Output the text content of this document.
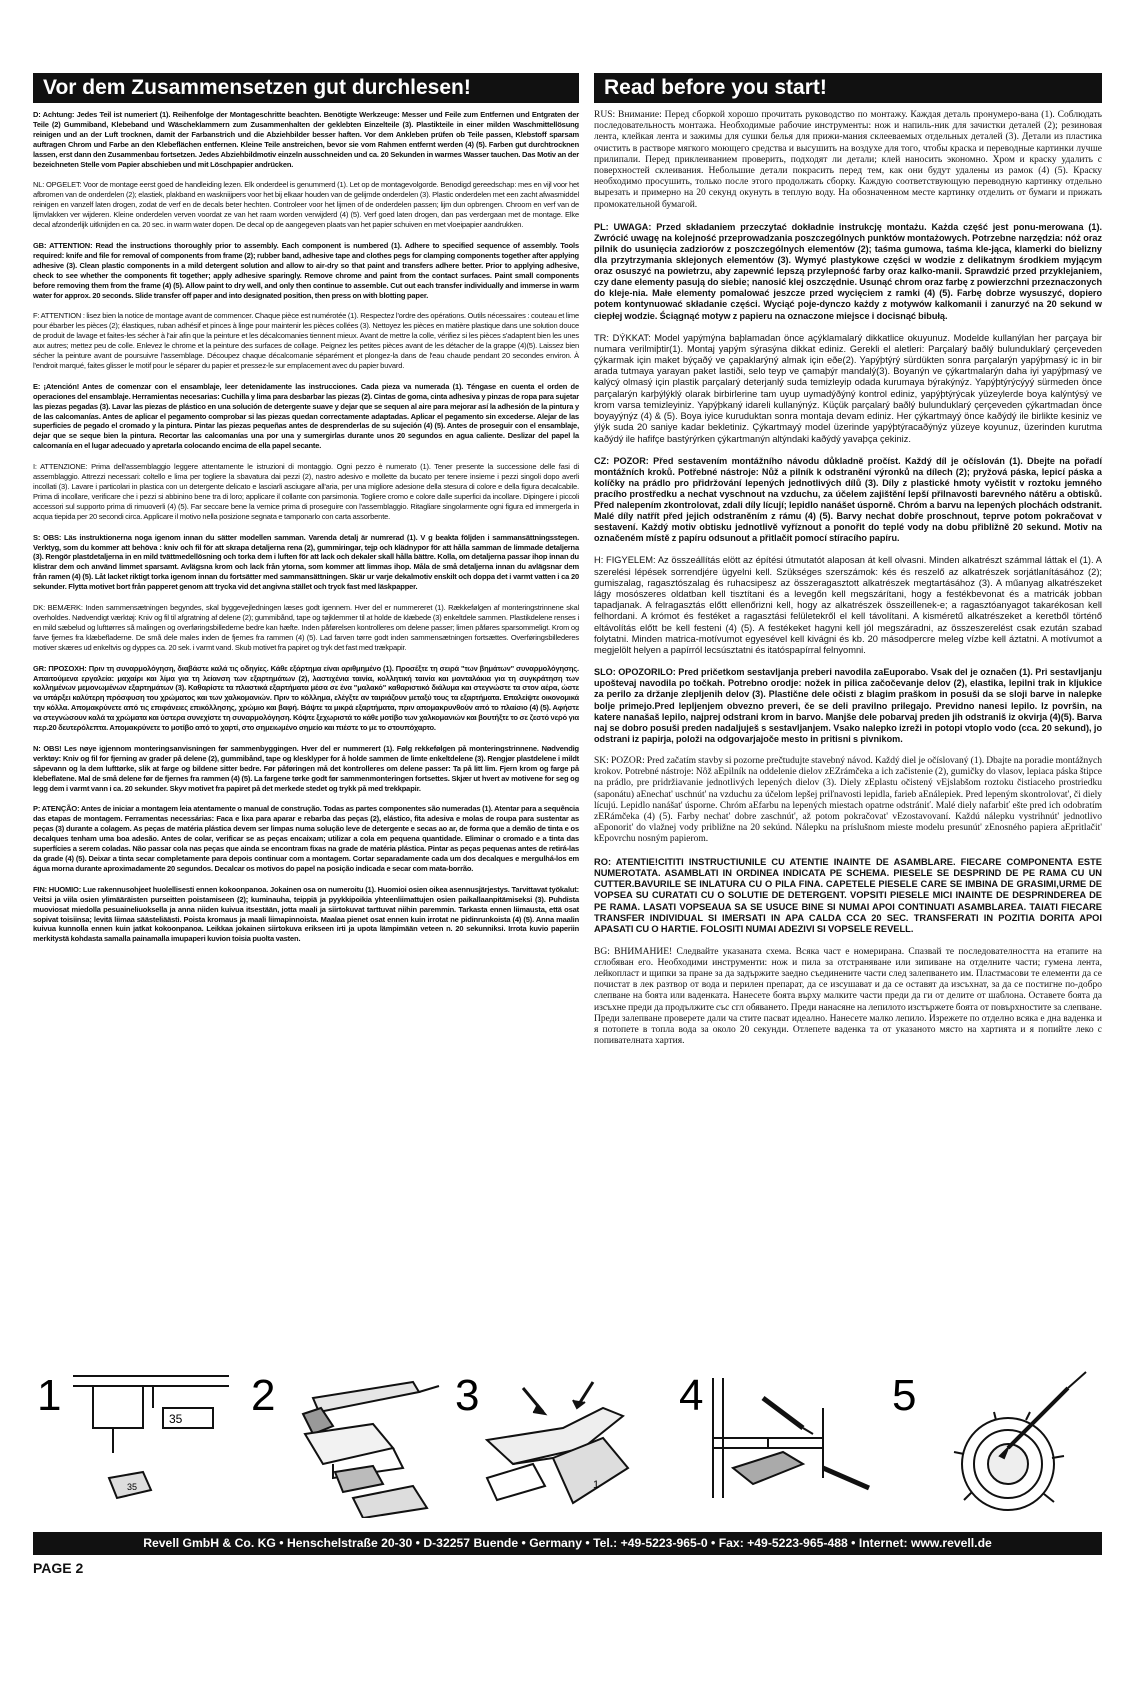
Vor dem Zusammensetzen gut durchlesen!	Read before you start!

D: Achtung: Jedes Teil ist numeriert (1). Reihenfolge der Montageschritte beachten. Benötigte Werkzeuge: Messer und Feile zum Entfernen und Entgraten der Teile (2) Gummiband, Klebeband und Wäscheklammern zum Zusammenhalten der geklebten Einzelteile (3). Plastikteile in einer milden Waschmittellösung reinigen und an der Luft trocknen, damit der Farbanstrich und die Abziehbilder besser haften. Vor dem Ankleben prüfen ob Teile passen, Klebstoff sparsam auftragen Chrom und Farbe an den Klebeflächen entfernen. Kleine Teile anstreichen, bevor sie vom Rahmen entfernt werden (4) (5). Farben gut durchtrocknen lassen, erst dann den Zusammenbau fortsetzen. Jedes Abziehbildmotiv einzeln ausschneiden und ca. 20 Sekunden in warmes Wasser tauchen. Das Motiv an der bezeichneten Stelle vom Papier abschieben und mit Löschpapier andrücken.

NL: OPGELET: Voor de montage eerst goed de handleiding lezen. Elk onderdeel is genummerd (1). Let op de montagevolgorde. Benodigd gereedschap: mes en vijl voor het afbromen van de onderdelen (2); elastiek, plakband en waskniijpers voor het bij elkaar houden van de gelijmde onderdelen (3). Plastic onderdelen met een zacht afwasmiddel reinigen en vanzelf laten drogen, zodat de verf en de decals beter hechten. Controleer voor het lijmen of de onderdelen passen; lijm dun opbrengen. Chroom en verf van de lijmvlakken ver wijderen. Kleine onderdelen verven voordat ze van het raam worden verwijderd (4) (5). Verf goed laten drogen, dan pas verdergaan met de montage. Elke decal afzonderlijk uitknijden en ca. 20 sec. in warm water dopen. De decal op de aangegeven plaats van het papier schuiven en met vloeipapier aandrukken.

GB: ATTENTION: Read the instructions thoroughly prior to assembly. Each component is numbered (1). Adhere to specified sequence of assembly. Tools required: knife and file for removal of components from frame (2); rubber band, adhesive tape and clothes pegs for clamping components together after applying adhesive (3). Clean plastic components in a mild detergent solution and allow to air-dry so that paint and transfers adhere better. Prior to applying adhesive, check to see whether the components fit together; apply adhesive sparingly. Remove chrome and paint from the contact surfaces. Paint small components before removing them from the frame (4) (5). Allow paint to dry well, and only then continue to assemble. Cut out each transfer individually and immerse in warm water for approx. 20 seconds. Slide transfer off paper and into designated position, then press on with blotting paper.

F: ATTENTION : lisez bien la notice de montage avant de commencer. Chaque pièce est numérotée (1). Respectez l'ordre des opérations. Outils nécessaires : couteau et lime pour ébarber les pièces (2); élastiques, ruban adhésif et pinces à linge pour maintenir les pièces collées (3). Nettoyez les pièces en matière plastique dans une solution douce de produit de lavage et faites-les sécher à l'air afin que la peinture et les décalcomanies tiennent mieux. Avant de mettre la colle, vérifiez si les pièces s'adaptent bien les unes aux autres; mettez peu de colle. Enlevez le chrome et la peinture des surfaces de collage. Peignez les petites pièces avant de les détacher de la grappe (4)(5). Laissez bien sécher la peinture avant de poursuivre l'assemblage. Découpez chaque décalcomanie séparément et plongez-la dans de l'eau chaude pendant 20 secondes environ. À l'endroit marqué, faites glisser le motif pour le séparer du papier et pressez-le sur emplacement avec du papier buvard.

E: ¡Atención! Antes de comenzar con el ensamblaje, leer detenidamente las instrucciones. Cada pieza va numerada (1). Téngase en cuenta el orden de operaciones del ensamblaje. Herramientas necesarias: Cuchilla y lima para desbarbar las piezas (2). Cintas de goma, cinta adhesiva y pinzas de ropa para sujetar las piezas pegadas (3). Lavar las piezas de plástico en una solución de detergente suave y dejar que se sequen al aire para mejorar así la adhesión de la pintura y de las calcomanías. Antes de aplicar el pegamento comprobar si las piezas quedan correctamente adaptadas. Aplicar el pegamento sin excederse. Alejar de las superficies de pegado el cromado y la pintura. Pintar las piezas pequeñas antes de desprenderlas de su sujeción (4) (5). Antes de proseguir con el ensamblaje, dejar que se seque bien la pintura. Recortar las calcomanías una por una y sumergirlas durante unos 20 segundos en agua caliente. Deslizar del papel la calcomanía en el lugar adecuado y apretarla colocando encima de ella papel secante.

I: ATTENZIONE: Prima dell'assemblaggio leggere attentamente le istruzioni di montaggio. Ogni pezzo è numerato (1). Tener presente la successione delle fasi di assemblaggio. Attrezzi necessari: coltello e lima per togliere la sbavatura dai pezzi (2), nastro adesivo e mollette da bucato per tenere insieme i pezzi singoli dopo averli incollati (3). Lavare i particolari in plastica con un detergente delicato e lasciarli asciugare all'aria, per una migliore adesione della stesura di colore e della figura decalcabile. Prima di incollare, verificare che i pezzi si abbinino bene tra di loro; applicare il collante con parsimonia. Togliere cromo e colore dalle superfici da incollare. Dipingere i piccoli accessori sul supporto prima di rimuoverli (4) (5). Far seccare bene la vernice prima di proseguire con l'assemblaggio. Ritagliare singolarmente ogni figura ed immergerla in acqua tiepida per 20 secondi circa. Applicare il motivo nella posizione segnata e tamponarlo con carta assorbente.

S: OBS: Läs instruktionerna noga igenom innan du sätter modellen samman. Varenda detalj är numrerad (1). V g beakta följden i sammansättningsstegen. Verktyg, som du kommer att behöva : kniv och fil för att skrapa detaljerna rena (2), gummiringar, tejp och klädnypor för att hålla samman de limmade detaljerna (3). Rengör plastdetaljerna in en mild tvättmedellösning och torka dem i luften för att lack och dekaler skall hålla bättre. Kolla, om detaljerna passar ihop innan du klistrar dem och använd limmet sparsamt. Avlägsna krom och lack från ytorna, som kommer att limmas ihop. Måla de små detaljerna innan du avlägsnar dem från ramen (4) (5). Låt lacket riktigt torka igenom innan du fortsätter med sammansättningen. Skär ur varje dekalmotiv enskilt och doppa det i varmt vatten i ca 20 sekunder. Flytta motivet bort från papperet genom att trycka vid det angivna stället och tryck fast med läskpapper.

DK: BEMÆRK: Inden sammensætningen begyndes, skal byggevejledningen læses godt igennem. Hver del er nummereret (1). Rækkefølgen af monteringstrinnene skal overholdes. Nødvendigt værktøj: Kniv og fil til afgratning af delene (2); gummibånd, tape og tøjklemmer til at holde de klæbede (3) enkeltdele sammen. Plastikdelene renses i en mild sæbelud og lufttørres så malingen og overføringsbillederne bedre kan hæfte. Inden påførelsen kontrolleres om delene passer; limen påføres sparsommeligt. Krom og farve fjernes fra klæbefladerne. De små dele males inden de fjernes fra rammen (4) (5). Lad farven tørre godt inden sammensætningen fortsættes. Overføringsbillederes motiver skæres ud enkeltvis og dyppes ca. 20 sek. i varmt vand. Skub motivet fra papiret og tryk det fast med trækpapir.

GR: ΠΡΟΣΟΧΗ: Πριν τη συναρμολόγηση, διαβάστε καλά τις οδηγίες. Κάθε εξάρτημα είναι αριθμημένο (1). Προσέξτε τη σειρά "των βημάτων" συναρμολόγησης. Απαιτούμενα εργαλεία: μαχαίρι και λίμα για τη λείανση των εξαρτημάτων (2), λαστιχένια ταινία, κολλητική ταινία και μανταλάκια για τη συγκράτηση των κολλημένων μεμονωμένων εξαρτημάτων (3). Καθαρίστε τα πλαστικά εξαρτήματα μέσα σε ένα "μαλακό" καθαριστικό διάλυμα και στεγνώστε τα στον αέρα, ώστε να υπάρξει καλύτερη πρόσφυση του χρώματος και των χαλκομανιών. Πριν το κόλλημα, ελέγξτε αν ταιριάζουν μεταξύ τους τα εξαρτήματα. Επαλείψτε οικονομικά την κόλλα. Απομακρύνετε από τις επιφάνειες επικόλλησης, χρώμιο και βαφή. Βάψτε τα μικρά εξαρτήματα, πριν απομακρυνθούν από το πλαίσιο (4) (5). Αφήστε να στεγνώσουν καλά τα χρώματα και ύστερα συνεχίστε τη συναρμολόγηση. Κόψτε ξεχωριστά το κάθε μοτίβο των χαλκομανιών και βουτήξτε το σε ζεστό νερό για περ.20 δευτερόλεπτα. Απομακρύνετε το μοτίβο από το χαρτί, στο σημειωμένο σημείο και πιέστε το με το στουπόχαρτο.

N: OBS! Les nøye igjennom monteringsanvisningen før sammenbyggingen. Hver del er nummerert (1). Følg rekkefølgen på monteringstrinnene. Nødvendig verktøy: Kniv og fil for fjerning av grader på delene (2), gummibånd, tape og klesklyper for å holde sammen de limte enkeltdelene (3). Rengjør plastdelene i mildt såpevann og la dem lufttørke, slik at farge og bildene sitter bedre. Før påføringen må det kontrolleres om delene passer: Ta på litt lim. Fjern krom og farge på klebeflatene. Mal de små delene før de fjernes fra rammen (4) (5). La fargene tørke godt før sammenmonteringen fortsettes. Skjær ut hvert av motivene for seg og legg dem i varmt vann i ca. 20 sekunder. Skyv motivet fra papiret på det merkede stedet og trykk på med trekkpapir.

P: ATENÇÃO: Antes de iniciar a montagem leia atentamente o manual de construção. Todas as partes componentes são numeradas (1). Atentar para a sequência das etapas de montagem. Ferramentas necessárias: Faca e lixa para aparar e rebarba das peças (2), elástico, fita adesiva e molas de roupa para sustentar as peças (3) durante a colagem. As peças de matéria plástica devem ser limpas numa solução leve de detergente e secas ao ar, de forma que a demão de tinta e os decalques tenham uma boa adesão. Antes de colar, verificar se as peças encaixam; utilizar a cola em pequena quantidade. Eliminar o cromado e a tinta das superfícies a serem coladas. Não passar cola nas peças que ainda se encontram fixas na grade de matéria plástica. Pintar as peças pequenas antes de retirá-las da grade (4) (5). Deixar a tinta secar completamente para depois continuar com a montagem. Cortar separadamente cada um dos decalques e mergulhá-los em água morna durante aproximadamente 20 segundos. Decalcar os motivos do papel na posição indicada e secar com mata-borrão.

FIN: HUOMIO: Lue rakennusohjeet huolellisesti ennen kokoonpanoa. Jokainen osa on numeroitu (1). Huomioi osien oikea asennusjärjestys. Tarvittavat työkalut: Veitsi ja viila osien ylimääräisten purseitten poistamiseen (2); kuminauha, teippiä ja pyykkipoikia yhteenliimattujen osien paikallaanpitämiseksi (3). Puhdista muoviosat miedolla pesuaineliuoksella ja anna niiden kuivua itsestään, jotta maali ja siirtokuvat tarttuvat niihin paremmin. Tarkasta ennen liimausta, että osat sopivat toisiinsa; levitä liimaa säästeliäästi. Poista kromaus ja maali liimapinnoista. Maalaa pienet osat ennen kuin irrotat ne pidinrunkoista (4) (5). Anna maalin kuivua kunnolla ennen kuin jatkat kokoonpanoa. Leikkaa jokainen siirtokuva erikseen irti ja upota lämpimään veteen n. 20 sekunniksi. Irrota kuvio paperiin merkitystä kohdasta samalla painamalla imupaperi kuvion toisia puolta vasten.

RUS: Внимание: Перед сборкой хорошо прочитать руководство по монтажу. Каждая деталь пронумеро-вана (1). Соблюдать последовательность монтажа. Необходимые рабочие инструменты: нож и напиль-ник для зачистки деталей (2); резиновая лента, клейкая лента и зажимы для сушки белья для прижи-мания склееваемых отдельных деталей (3). Детали из пластика очистить в растворе мягкого моющего средства и высушить на воздухе для того, чтобы краска и переводные картинки лучше прилипали. Перед приклеиванием проверить, подходят ли детали; клей наносить экономно. Хром и краску удалить с поверхностей склеивания. Небольшие детали покрасить перед тем, как они будут удалены из рамок (4) (5). Краску необходимо просушить, только после этого продолжать сборку. Каждую соответствующую переводную картинку отдельно вырезать и примерно на 20 секунд окунуть в теплую воду. На обозначенном месте картинку отделить от бумаги и прижать промокательной бумагой.

PL: UWAGA: Przed składaniem przeczytać dokładnie instrukcję montażu. Każda część jest ponu-merowana (1). Zwrócić uwagę na kolejność przeprowadzania poszczególnych punktów montażowych. Potrzebne narzędzia: nóż oraz pilnik do usunięcia zadziorów z poszczególnych elementów (2); taśma gumowa, taśma kle-jąca, klamerki do bielizny dla przytrzymania sklejonych elementów (3). Wymyć plastykowe części w wodzie z delikatnym środkiem myjącym oraz osuszyć na powietrzu, aby zapewnić lepszą przylepność farby oraz kalko-manii. Sprawdzić przed przyklejaniem, czy dane elementy pasują do siebie; nanosić klej oszczędnie. Usunąć chrom oraz farbę z powierzchni przeznaczonych do kleje-nia. Małe elementy pomalować jeszcze przed wycięciem z ramki (4) (5). Farbę dobrze wysuszyć, dopiero potem kontynuować składanie części. Wyciąć poje-dynczo każdy z motywów kalkomanii i zanurzyć na 20 sekund w ciepłej wodzie. Ściągnąć motyw z papieru na oznaczone miejsce i docisnąć bibułą.

TR: DÝKKAT: Model yapýmýna baþlamadan önce açýklamalarý dikkatlice okuyunuz. Modelde kullanýlan her parçaya bir numara verilmiþtir(1). Montaj yapým sýrasýna dikkat ediniz. Gerekli el aletleri: Parçalarý baðlý bulunduklarý çerçeveden çýkarmak için maket býçaðý ve çapaklarýný almak için eðe(2). Yapýþtýrý sürdükten sonra parçalarýn yapýþmasý ic in bir arada tutmaya yarayan paket lastiði, selo teyp ve çamaþýr mandalý(3). Boyanýn ve çýkartmalarýn daha iyi yapýþmasý ve kalýcý olmasý için plastik parçalarý deterjanlý suda temizleyip odada kurumaya býrakýnýz. Yapýþtýrýcýyý sürmeden önce parçalarýn karþýlýklý olarak birbirlerine tam uyup uymadýðýný kontrol ediniz, yapýþtýrýcak yüzeylerde boya kalýntýsý ve krom varsa temizleyiniz. Yapýþkaný idareli kullanýnýz. Küçük parçalarý baðlý bulunduklarý çerçeveden çýkartmadan önce boyayýnýz (4) & (5). Boya iyice kuruduktan sonra montaja devam ediniz. Her çýkartmayý önce kaðýdý ile birlikte kesiniz ve ýlýk suda 20 saniye kadar bekletiniz. Çýkartmayý model üzerinde yapýþtýracaðýnýz yüzeye koyunuz, üzerinden kurutma kaðýdý ile hafifçe bastýrýrken çýkartmanýn altýndaki kaðýdý yavaþça çekiniz.

CZ: POZOR: Před sestavením montážního návodu důkladně pročíst. Každý díl je očíslován (1). Dbejte na pořadí montážních kroků. Potřebné nástroje: Nůž a pilník k odstranění výronků na dílech (2); pryžová páska, lepicí páska a kolíčky na prádlo pro přidržování lepených jednotlivých dílů (3). Díly z plastické hmoty vyčistit v roztoku jemného pracího prostředku a nechat vyschnout na vzduchu, za účelem zajištění lepší přilnavosti barevného nátěru a obtisků. Před nalepením zkontrolovat, zdali díly lícují; lepidlo nanášet úsporně. Chróm a barvu na lepených plochách odstranit. Malé díly natřít před jejich odstraněním z rámu (4) (5). Barvy nechat dobře proschnout, teprve potom pokračovat v sestavení. Každý motiv obtisku jednotlivě vyříznout a ponořit do teplé vody na dobu přibližně 20 sekund. Motiv na označeném místě z papíru odsunout a přitlačit pomocí stíracího papíru.

H: FIGYELEM: Az összeállítás elött az építési útmutatót alaposan át kell olvasni. Minden alkatrészt számmal láttak el (1). A szerelési lépések sorrendjére ügyelni kell. Szükséges szerszámok: kés és reszelő az alkatrészek sorjátlanításához (2); gumiszalag, ragasztószalag és ruhacsipesz az összeragasztott alkatrészek megtartásához (3). A műanyag alkatrészeket lágy mosószeres oldatban kell tisztítani és a levegőn kell megszárítani, hogy a festékbevonat és a matricák jobban tapadjanak. A felragasztás előtt ellenőrizni kell, hogy az alkatrészek összeillenek-e; a ragasztóanyagot takarékosan kell felhordani. A krómot és festéket a ragasztási felületekről el kell távolítani. A kisméretű alkatrészeket a keretből történő eltávolítás előtt be kell festeni (4) (5). A festékeket hagyni kell jól megszáradni, az összeszerelést csak ezután szabad folytatni. Minden matrica-motívumot egyesével kell kivágni és kb. 20 másodpercre meleg vízbe kell áztatni. A motívumot a megjelölt helyen a papírról lecsúsztatni és itatóspapírral felnyomni.

SLO: OPOZORILO: Pred pričetkom sestavljanja preberi navodila zaEuporabo. Vsak del je označen (1). Pri sestavljanju upoštevaj navodila po točkah. Potrebno orodje: nožek in pilica začočevanje delov (2), elastika, lepilni trak in kljukice za perilo za držanje zlepljenih delov (3). Plastične dele očisti z blagim praškom in posuši da se sloji barve in nalepke bolje primejo.Pred lepljenjem obvezno preveri, če se deli pravilno prilegajo. Previdno nanesi lepilo. Iz površin, na katere nanašaš lepilo, najprej odstrani krom in barvo. Manjše dele pobarvaj preden jih odstraniš iz okvirja (4)(5). Barva naj se dobro posuši preden nadaljuješ s sestavljanjem. Vsako nalepko izreži in potopi vtoplo vodo (cca. 20 sekund), jo odstrani iz papirja, položi na odgovarjajoče mesto in pritisni s pivnikom.

SK: POZOR: Pred začatím stavby si pozorne prečtudujte stavebný návod. Každý diel je očíslovaný (1). Dbajte na poradie montážnych krokov. Potrebné nástroje: Nôž aEpilník na oddelenie dielov zEZrámčeka a ich začistenie (2), gumičky do vlasov, lepiaca páska štipce na prádlo, pre pridržiavanie jednotlivých lepených dielov (3). Diely zEplastu očistený vEjslabšom roztoku čistiaceho prostriedku (saponátu) aEnechat' uschnút' na vzduchu za účelom lepšej priľnavosti lepidla, farieb aEnálepiek. Pred lepeným skontrolovat', či diely lícujú. Lepidlo nanášat' úsporne. Chróm aEfarbu na lepených miestach opatrne odstrániť. Malé diely nafarbiť ešte pred ich odobratím zERámčeka (4) (5). Farby nechat' dobre zaschnút', až potom pokračovat' vEzostavovaní. Každú nálepku vystrihnút' jednotlivo aEponorit' do vlažnej vody približne na 20 sekúnd. Nálepku na príslušnom mieste modelu presunút' zEnosného papiera aEpritlačit' kEpovrchu nosným papierom.

RO: ATENTIE!CITITI INSTRUCTIUNILE CU ATENTIE INAINTE DE ASAMBLARE. FIECARE COMPONENTA ESTE NUMEROTATA. ASAMBLATI IN ORDINEA INDICATA PE SCHEMA. PIESELE SE DESPRIND DE PE RAMA CU UN CUTTER.BAVURILE SE INLATURA CU O PILA FINA. CAPETELE PIESELE CARE SE IMBINA DE GRASIMI,URME DE VOPSEA SU CURATATI CU O SOLUTIE DE DETERGENT. VOPSITI PIESELE MICI INAINTE DE DESPRINDEREA DE PE RAMA. LASATI VOPSEAUA SA SE USUCE BINE SI NUMAI APOI CONTINUATI ASAMBLAREA. TAIATI FIECARE TRANSFER INDIVIDUAL SI IMERSATI IN APA CALDA CCA 20 SEC. TRANSFERATI IN POZITIA DORITA APOI APASATI CU O HARTIE. FOLOSITI NUMAI ADEZIVI SI VOPSELE REVELL.

BG: ВНИМАНИЕ! Следвайте указаната схема. Всяка част е номерирана. Спазвай те последователността на етапите на сглобяван его. Необходими инструменти: нож и пила за отстраняване или зипиване на отделните части; гумена лента, лейкопласт и щипки за пране за да задържите заедно съединените части след залепването им. Пластмасови те елементи да се почистат в лек разтвор от вода и перилен препарат, да се изсушават и да се оставят да изсъхнат, за да се постигне по-добро слепване на боята или ваденката. Нанесете боята върху малките части преди да ги от делите от шаблона. Оставете боята да изсъхне преди да продължите със сгл обяването. Преди нанасяне на лепилото изстържете боята от повърхностите за слепване. Преди залепване проверете дали ча стите пасват идеално. Нанесете малко лепило. Изрежете по отделно всяка е дна ваденка и я потопете в топла вода за около 20 секунди. Отлепете ваденка та от указаното място на хартията и я попийте леко с попивателната хартия.

1	35
35
2	3
1
4	5
Revell GmbH & Co. KG • Henschelstraße 20-30 • D-32257 Buende • Germany • Tel.: +49-5223-965-0 • Fax: +49-5223-965-488 • Internet: www.revell.de
PAGE 2
